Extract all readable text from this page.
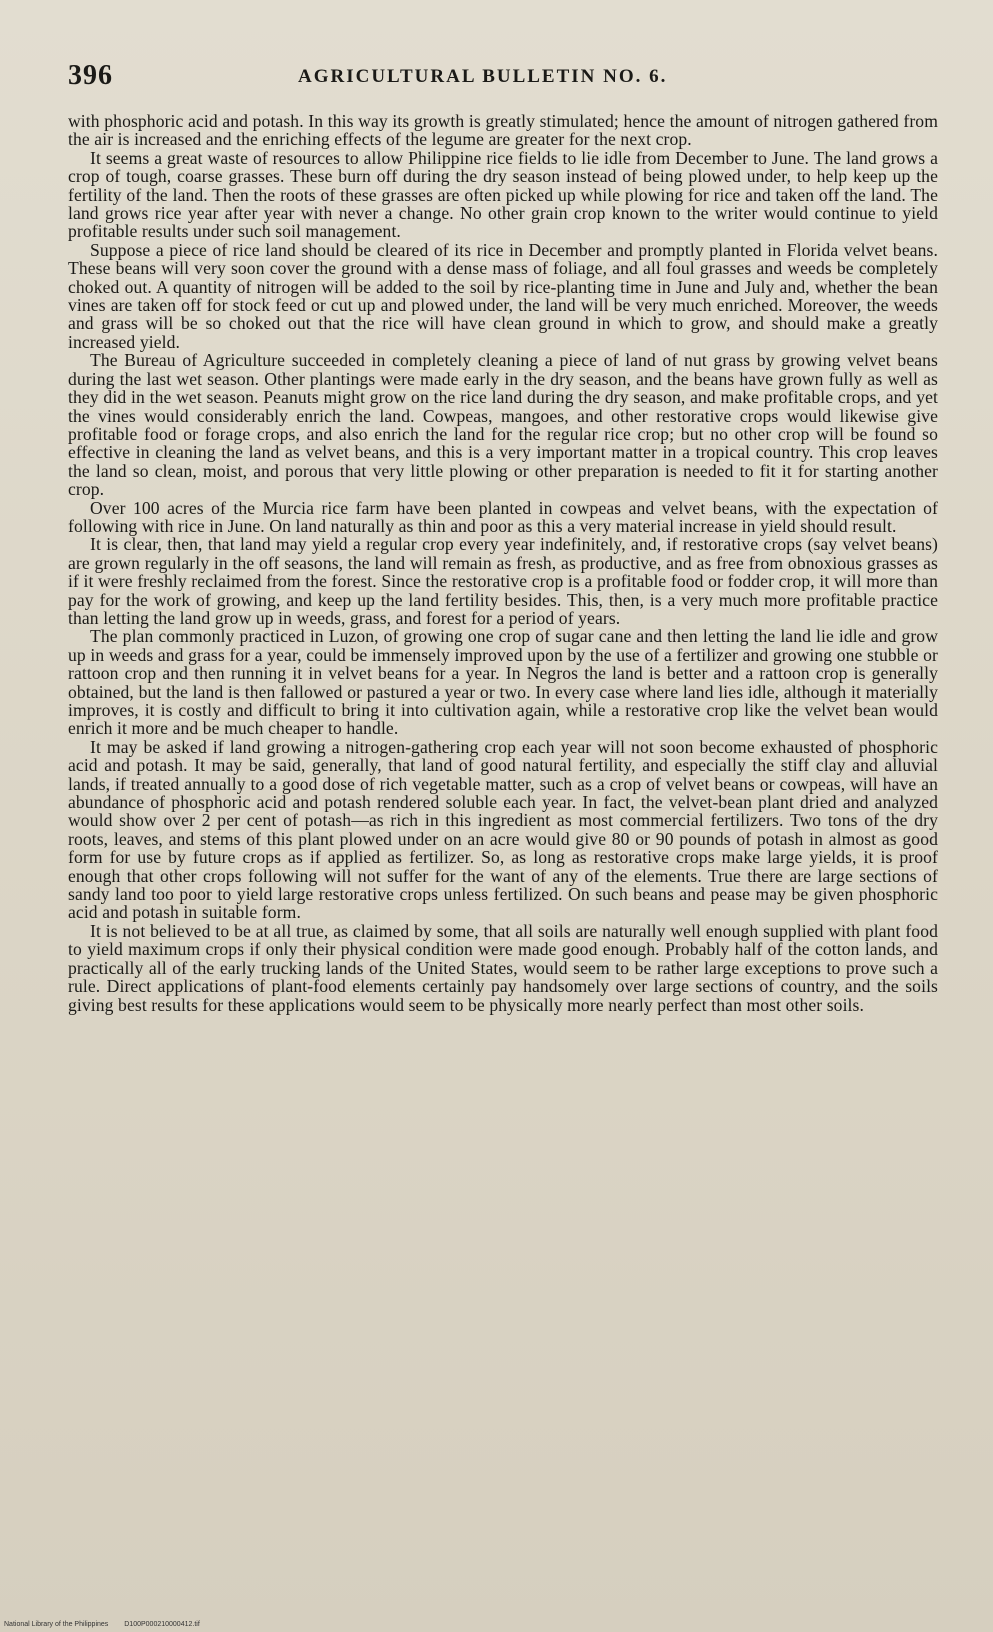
396	AGRICULTURAL BULLETIN NO. 6.

with phosphoric acid and potash. In this way its growth is greatly stimulated; hence the amount of nitrogen gathered from the air is increased and the enriching effects of the legume are greater for the next crop.

It seems a great waste of resources to allow Philippine rice fields to lie idle from December to June. The land grows a crop of tough, coarse grasses. These burn off during the dry season instead of being plowed under, to help keep up the fertility of the land. Then the roots of these grasses are often picked up while plowing for rice and taken off the land. The land grows rice year after year with never a change. No other grain crop known to the writer would continue to yield profitable results under such soil management.

Suppose a piece of rice land should be cleared of its rice in December and promptly planted in Florida velvet beans. These beans will very soon cover the ground with a dense mass of foliage, and all foul grasses and weeds be completely choked out. A quantity of nitrogen will be added to the soil by rice-planting time in June and July and, whether the bean vines are taken off for stock feed or cut up and plowed under, the land will be very much enriched. Moreover, the weeds and grass will be so choked out that the rice will have clean ground in which to grow, and should make a greatly increased yield.

The Bureau of Agriculture succeeded in completely cleaning a piece of land of nut grass by growing velvet beans during the last wet season. Other plantings were made early in the dry season, and the beans have grown fully as well as they did in the wet season. Peanuts might grow on the rice land during the dry season, and make profitable crops, and yet the vines would considerably enrich the land. Cowpeas, mangoes, and other restorative crops would likewise give profitable food or forage crops, and also enrich the land for the regular rice crop; but no other crop will be found so effective in cleaning the land as velvet beans, and this is a very important matter in a tropical country. This crop leaves the land so clean, moist, and porous that very little plowing or other preparation is needed to fit it for starting another crop.

Over 100 acres of the Murcia rice farm have been planted in cowpeas and velvet beans, with the expectation of following with rice in June. On land naturally as thin and poor as this a very material increase in yield should result.

It is clear, then, that land may yield a regular crop every year indefinitely, and, if restorative crops (say velvet beans) are grown regularly in the off seasons, the land will remain as fresh, as productive, and as free from obnoxious grasses as if it were freshly reclaimed from the forest. Since the restorative crop is a profitable food or fodder crop, it will more than pay for the work of growing, and keep up the land fertility besides. This, then, is a very much more profitable practice than letting the land grow up in weeds, grass, and forest for a period of years.

The plan commonly practiced in Luzon, of growing one crop of sugar cane and then letting the land lie idle and grow up in weeds and grass for a year, could be immensely improved upon by the use of a fertilizer and growing one stubble or rattoon crop and then running it in velvet beans for a year. In Negros the land is better and a rattoon crop is generally obtained, but the land is then fallowed or pastured a year or two. In every case where land lies idle, although it materially improves, it is costly and difficult to bring it into cultivation again, while a restorative crop like the velvet bean would enrich it more and be much cheaper to handle.

It may be asked if land growing a nitrogen-gathering crop each year will not soon become exhausted of phosphoric acid and potash. It may be said, generally, that land of good natural fertility, and especially the stiff clay and alluvial lands, if treated annually to a good dose of rich vegetable matter, such as a crop of velvet beans or cowpeas, will have an abundance of phosphoric acid and potash rendered soluble each year. In fact, the velvet-bean plant dried and analyzed would show over 2 per cent of potash—as rich in this ingredient as most commercial fertilizers. Two tons of the dry roots, leaves, and stems of this plant plowed under on an acre would give 80 or 90 pounds of potash in almost as good form for use by future crops as if applied as fertilizer. So, as long as restorative crops make large yields, it is proof enough that other crops following will not suffer for the want of any of the elements. True there are large sections of sandy land too poor to yield large restorative crops unless fertilized. On such beans and pease may be given phosphoric acid and potash in suitable form.

It is not believed to be at all true, as claimed by some, that all soils are naturally well enough supplied with plant food to yield maximum crops if only their physical condition were made good enough. Probably half of the cotton lands, and practically all of the early trucking lands of the United States, would seem to be rather large exceptions to prove such a rule. Direct applications of plant-food elements certainly pay handsomely over large sections of country, and the soils giving best results for these applications would seem to be physically more nearly perfect than most other soils.

National Library of the Philippines D100P000210000412.tif
